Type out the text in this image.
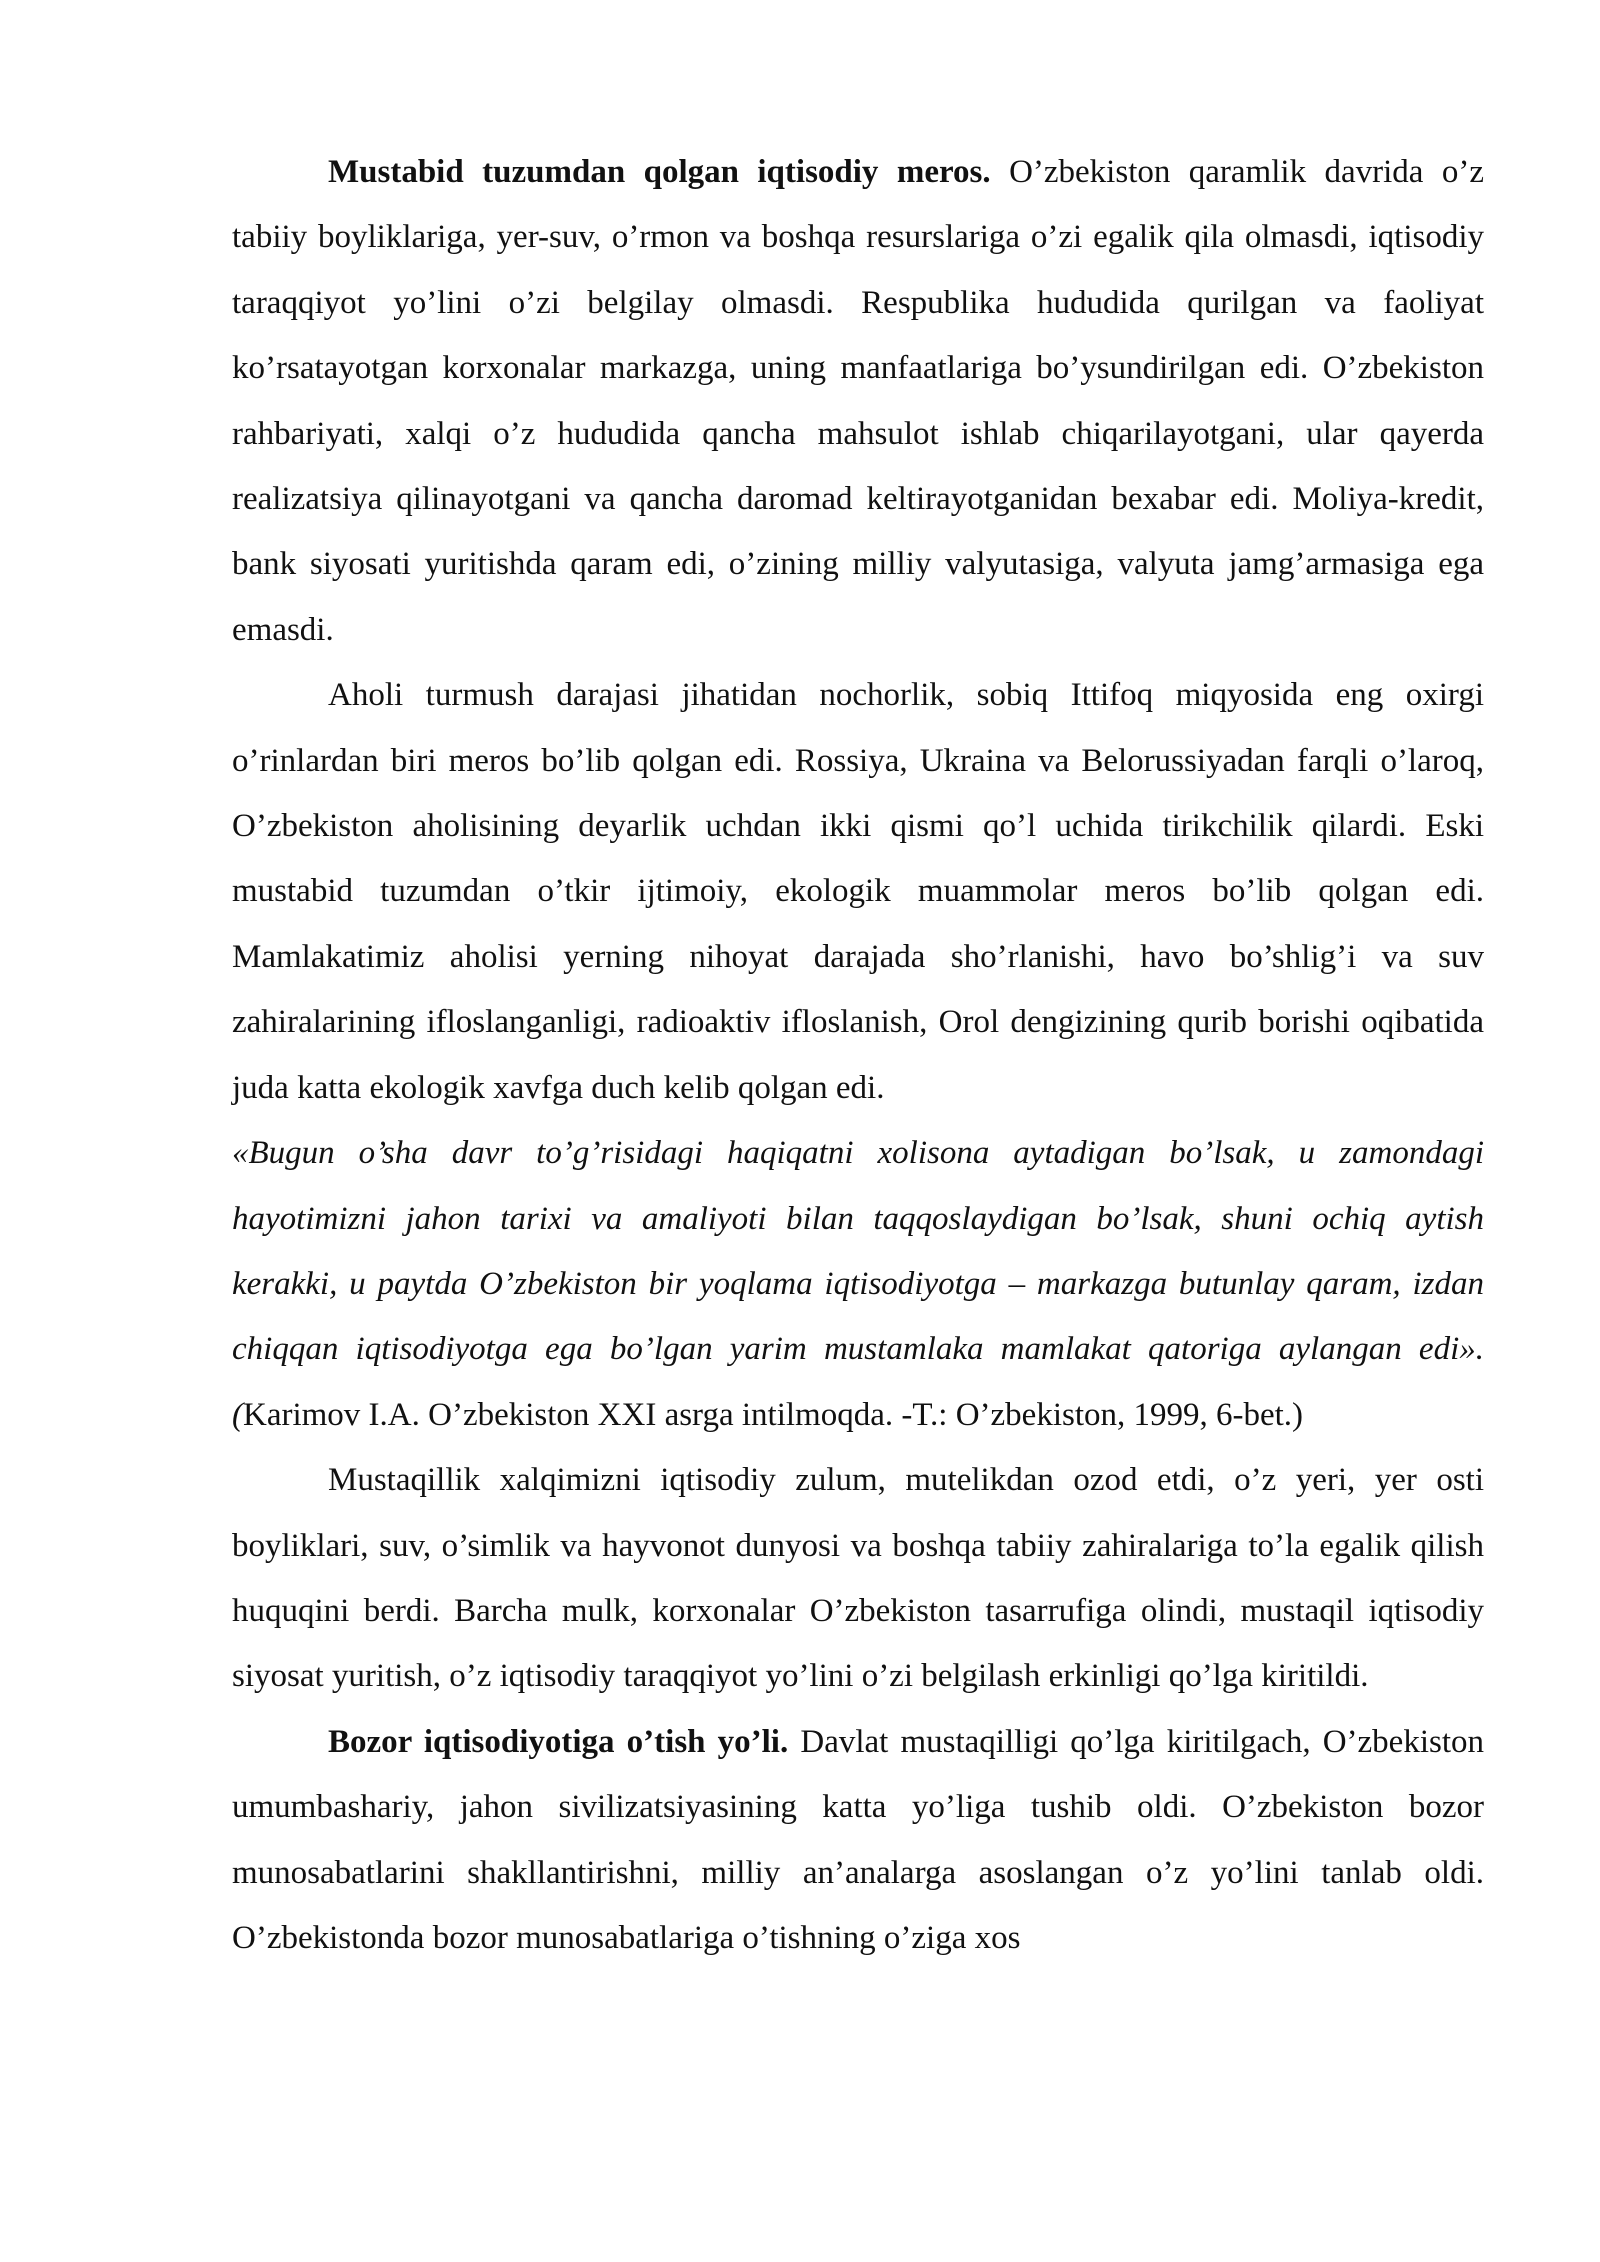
Mustabid tuzumdan qolgan iqtisodiy meros. O’zbekiston qaramlik davrida o’z tabiiy boyliklariga, yer-suv, o’rmon va boshqa resurslariga o’zi egalik qila olmasdi, iqtisodiy taraqqiyot yo’lini o’zi belgilay olmasdi. Respublika hududida qurilgan va faoliyat ko’rsatayotgan korxonalar markazga, uning manfaatlariga bo’ysundirilgan edi. O’zbekiston rahbariyati, xalqi o’z hududida qancha mahsulot ishlab chiqarilayotgani, ular qayerda realizatsiya qilinayotgani va qancha daromad keltirayotganidan bexabar edi. Moliya-kredit, bank siyosati yuritishda qaram edi, o’zining milliy valyutasiga, valyuta jamg’armasiga ega emasdi.

Aholi turmush darajasi jihatidan nochorlik, sobiq Ittifoq miqyosida eng oxirgi o’rinlardan biri meros bo’lib qolgan edi. Rossiya, Ukraina va Belorussiyadan farqli o’laroq, O’zbekiston aholisining deyarlik uchdan ikki qismi qo’l uchida tirikchilik qilardi. Eski mustabid tuzumdan o’tkir ijtimoiy, ekologik muammolar meros bo’lib qolgan edi. Mamlakatimiz aholisi yerning nihoyat darajada sho’rlanishi, havo bo’shlig’i va suv zahiralarining ifloslanganligi, radioaktiv ifloslanish, Orol dengizining qurib borishi oqibatida juda katta ekologik xavfga duch kelib qolgan edi.

«Bugun o’sha davr to’g’risidagi haqiqatni xolisona aytadigan bo’lsak, u zamondagi hayotimizni jahon tarixi va amaliyoti bilan taqqoslaydigan bo’lsak, shuni ochiq aytish kerakki, u paytda O’zbekiston bir yoqlama iqtisodiyotga – markazga butunlay qaram, izdan chiqqan iqtisodiyotga ega bo’lgan yarim mustamlaka mamlakat qatoriga aylangan edi». (Karimov I.A. O’zbekiston XXI asrga intilmoqda. -T.: O’zbekiston, 1999, 6-bet.)

Mustaqillik xalqimizni iqtisodiy zulum, mutelikdan ozod etdi, o’z yeri, yer osti boyliklari, suv, o’simlik va hayvonot dunyosi va boshqa tabiiy zahiralariga to’la egalik qilish huquqini berdi. Barcha mulk, korxonalar O’zbekiston tasarrufiga olindi, mustaqil iqtisodiy siyosat yuritish, o’z iqtisodiy taraqqiyot yo’lini o’zi belgilash erkinligi qo’lga kiritildi.

Bozor iqtisodiyotiga o’tish yo’li. Davlat mustaqilligi qo’lga kiritilgach, O’zbekiston umumbashariy, jahon sivilizatsiyasining katta yo’liga tushib oldi. O’zbekiston bozor munosabatlarini shakllantirishni, milliy an’analarga asoslangan o’z yo’lini tanlab oldi. O’zbekistonda bozor munosabatlariga o’tishning o’ziga xos
